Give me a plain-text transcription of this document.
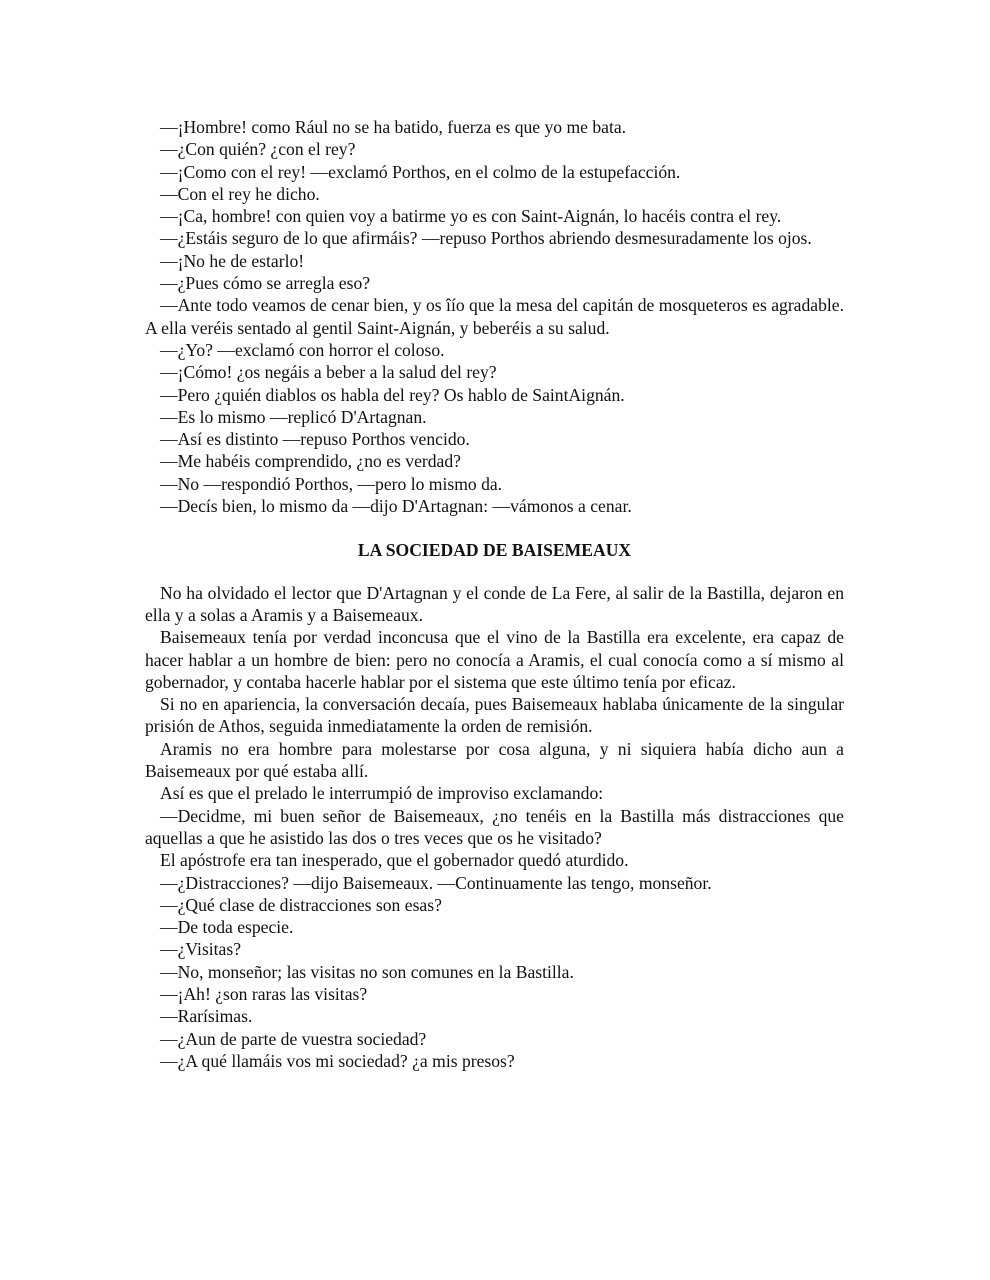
—¡Hombre! como Rául no se ha batido, fuerza es que yo me bata.

—¿Con quién? ¿con el rey?

—¡Como con el rey! —exclamó Porthos, en el colmo de la estupefacción.

—Con el rey he dicho.

—¡Ca, hombre! con quien voy a batirme yo es con Saint-Aignán, lo hacéis contra el rey.

—¿Estáis seguro de lo que afirmáis? —repuso Porthos abriendo desmesuradamente los ojos.

—¡No he de estarlo!

—¿Pues cómo se arregla eso?

—Ante todo veamos de cenar bien, y os îío que la mesa del capitán de mosqueteros es agradable. A ella veréis sentado al gentil Saint-Aignán, y beberéis a su salud.

—¿Yo? —exclamó con horror el coloso.

—¡Cómo! ¿os negáis a beber a la salud del rey?

—Pero ¿quién diablos os habla del rey? Os hablo de SaintAignán.

—Es lo mismo —replicó D'Artagnan.

—Así es distinto —repuso Porthos vencido.

—Me habéis comprendido, ¿no es verdad?

—No —respondió Porthos, —pero lo mismo da.

—Decís bien, lo mismo da —dijo D'Artagnan: —vámonos a cenar.

LA SOCIEDAD DE BAISEMEAUX

No ha olvidado el lector que D'Artagnan y el conde de La Fere, al salir de la Bastilla, dejaron en ella y a solas a Aramis y a Baisemeaux.

Baisemeaux tenía por verdad inconcusa que el vino de la Bastilla era excelente, era capaz de hacer hablar a un hombre de bien: pero no conocía a Aramis, el cual conocía como a sí mismo al gobernador, y contaba hacerle hablar por el sistema que este último tenía por eficaz.

Si no en apariencia, la conversación decaía, pues Baisemeaux hablaba únicamente de la singular prisión de Athos, seguida inmediatamente la orden de remisión.

Aramis no era hombre para molestarse por cosa alguna, y ni siquiera había dicho aun a Baisemeaux por qué estaba allí.

Así es que el prelado le interrumpió de improviso exclamando:

—Decidme, mi buen señor de Baisemeaux, ¿no tenéis en la Bastilla más distracciones que aquellas a que he asistido las dos o tres veces que os he visitado?

El apóstrofe era tan inesperado, que el gobernador quedó aturdido.

—¿Distracciones? —dijo Baisemeaux. —Continuamente las tengo, monseñor.

—¿Qué clase de distracciones son esas?

—De toda especie.

—¿Visitas?

—No, monseñor; las visitas no son comunes en la Bastilla.

—¡Ah! ¿son raras las visitas?

—Rarísimas.

—¿Aun de parte de vuestra sociedad?

—¿A qué llamáis vos mi sociedad? ¿a mis presos?
